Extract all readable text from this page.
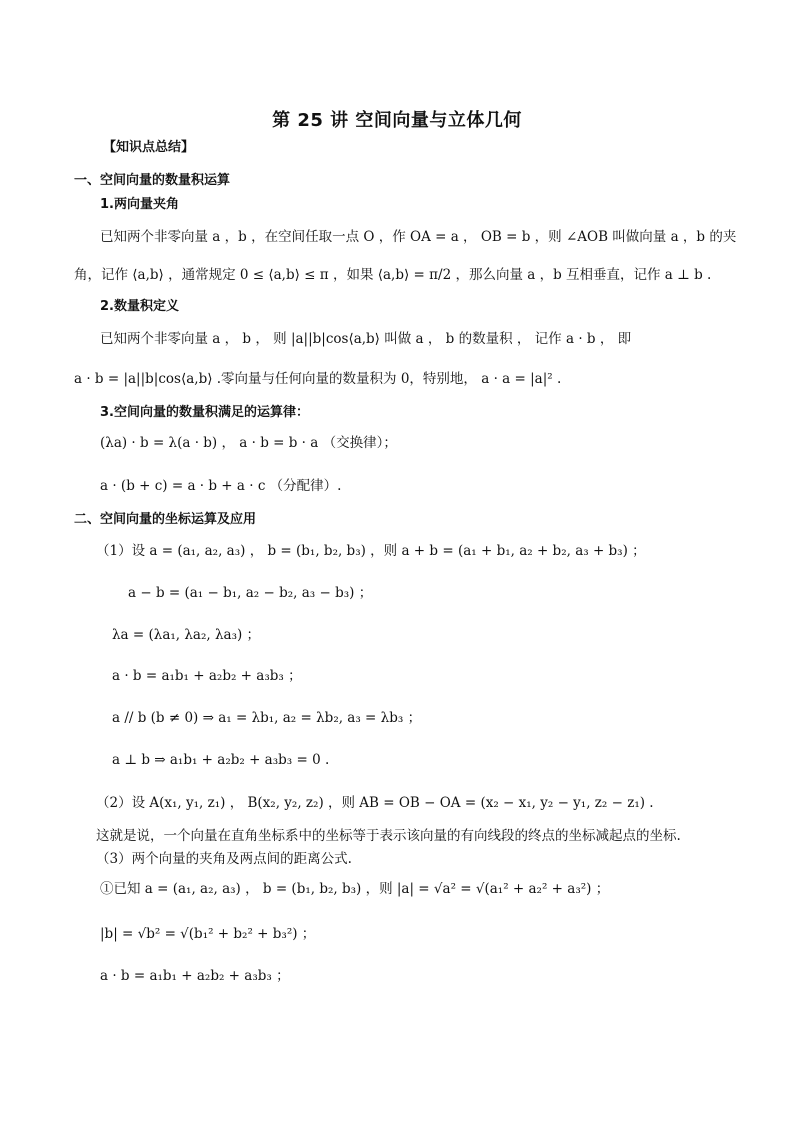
第 25 讲 空间向量与立体几何
【知识点总结】
一、空间向量的数量积运算
1.两向量夹角
已知两个非零向量 a ，b ，在空间任取一点 O ，作 OA = a ， OB = b ，则 ∠AOB 叫做向量 a ，b 的夹
角，记作 ⟨a,b⟩ ，通常规定 0 ≤ ⟨a,b⟩ ≤ π ，如果 ⟨a,b⟩ = π/2 ，那么向量 a ，b 互相垂直，记作 a ⊥ b .
2.数量积定义
已知两个非零向量 a ， b ， 则 |a||b|cos⟨a,b⟩ 叫做 a ， b 的数量积 ， 记作 a · b ， 即
a · b = |a||b|cos⟨a,b⟩ .零向量与任何向量的数量积为 0，特别地， a · a = |a|² .
3.空间向量的数量积满足的运算律：
(λa) · b = λ(a · b) ， a · b = b · a （交换律）；
a · (b + c) = a · b + a · c （分配律）.
二、空间向量的坐标运算及应用
（1）设 a = (a₁, a₂, a₃) ， b = (b₁, b₂, b₃) ，则 a + b = (a₁ + b₁, a₂ + b₂, a₃ + b₃) ；
a − b = (a₁ − b₁, a₂ − b₂, a₃ − b₃) ；
λa = (λa₁, λa₂, λa₃) ；
a · b = a₁b₁ + a₂b₂ + a₃b₃ ；
a // b (b ≠ 0) ⇒ a₁ = λb₁, a₂ = λb₂, a₃ = λb₃ ；
a ⊥ b ⇒ a₁b₁ + a₂b₂ + a₃b₃ = 0 .
（2）设 A(x₁, y₁, z₁) ， B(x₂, y₂, z₂) ，则 AB = OB − OA = (x₂ − x₁, y₂ − y₁, z₂ − z₁) .
这就是说，一个向量在直角坐标系中的坐标等于表示该向量的有向线段的终点的坐标减起点的坐标.
（3）两个向量的夹角及两点间的距离公式.
①已知 a = (a₁, a₂, a₃) ， b = (b₁, b₂, b₃) ，则 |a| = √a² = √(a₁² + a₂² + a₃²) ；
|b| = √b² = √(b₁² + b₂² + b₃²) ；
a · b = a₁b₁ + a₂b₂ + a₃b₃ ；
